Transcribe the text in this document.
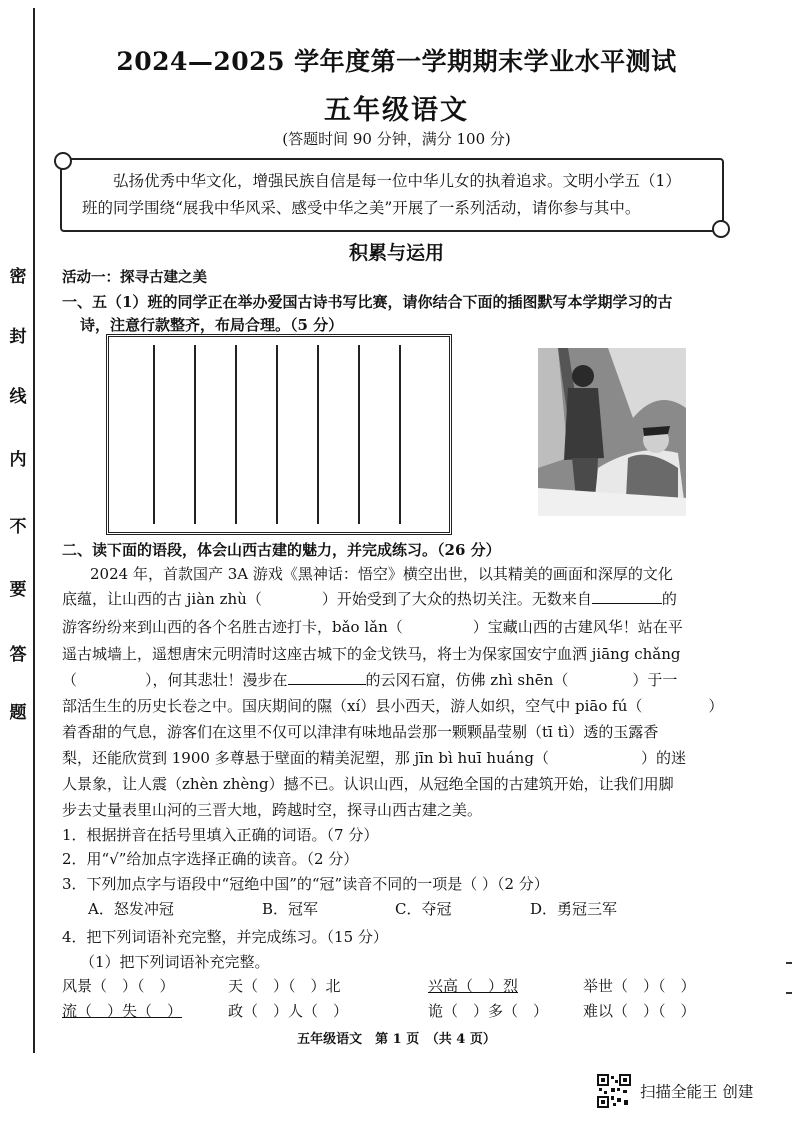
密
封
线
内
不
要
答
题
2024—2025 学年度第一学期期末学业水平测试
五年级语文
(答题时间 90 分钟，满分 100 分)

弘扬优秀中华文化，增强民族自信是每一位中华儿女的执着追求。文明小学五（1）

班的同学围绕“展我中华风采、感受中华之美”开展了一系列活动，请你参与其中。

积累与运用
活动一：探寻古建之美
一、五（1）班的同学正在举办爱国古诗书写比赛，请你结合下面的插图默写本学期学习的古
诗，注意行款整齐，布局合理。（5 分）
二、读下面的语段，体会山西古建的魅力，并完成练习。（26 分）
2024 年，首款国产 3A 游戏《黑神话：悟空》横空出世，以其精美的画面和深厚的文化
底蕴，让山西的古 jiàn zhù（	）开始受到了大众的热切关注。无数来自	的
游客纷纷来到山西的各个名胜古迹打卡，bǎo lǎn（	）宝藏山西的古建风华！站在平
遥古城墙上，遥想唐宋元明清时这座古城下的金戈铁马，将士为保家国安宁血洒 jiāng chǎng
（	），何其悲壮！漫步在	的云冈石窟，仿佛 zhì shēn（	）于一
部活生生的历史长卷之中。国庆期间的隰（xí）县小西天，游人如织，空气中 piāo fú（	）
着香甜的气息，游客们在这里不仅可以津津有味地品尝那一颗颗晶莹剔（tī tì）透的玉露香
梨，还能欣赏到 1900 多尊悬于壁面的精美泥塑，那 jīn bì huī huáng（	）的迷
人景象，让人震（zhèn zhèng）撼不已。认识山西，从冠绝全国的古建筑开始，让我们用脚
步去丈量表里山河的三晋大地，跨越时空，探寻山西古建之美。
1．根据拼音在括号里填入正确的词语。（7 分）
2．用“√”给加点字选择正确的读音。（2 分）
3．下列加点字与语段中“冠绝中国”的“冠”读音不同的一项是（ ）（2 分）
A．怒发冲冠	B．冠军	C．夺冠	D．勇冠三军
4．把下列词语补充完整，并完成练习。（15 分）
（1）把下列词语补充完整。
风景（　）（　）	天（　）（　）北	兴高（　）烈	举世（　）（　）
流（　）失（　）	政（　）人（　）	诡（　）多（　） 难以（　）（　）
五年级语文　第 1 页　（共 4 页）
扫描全能王 创建
